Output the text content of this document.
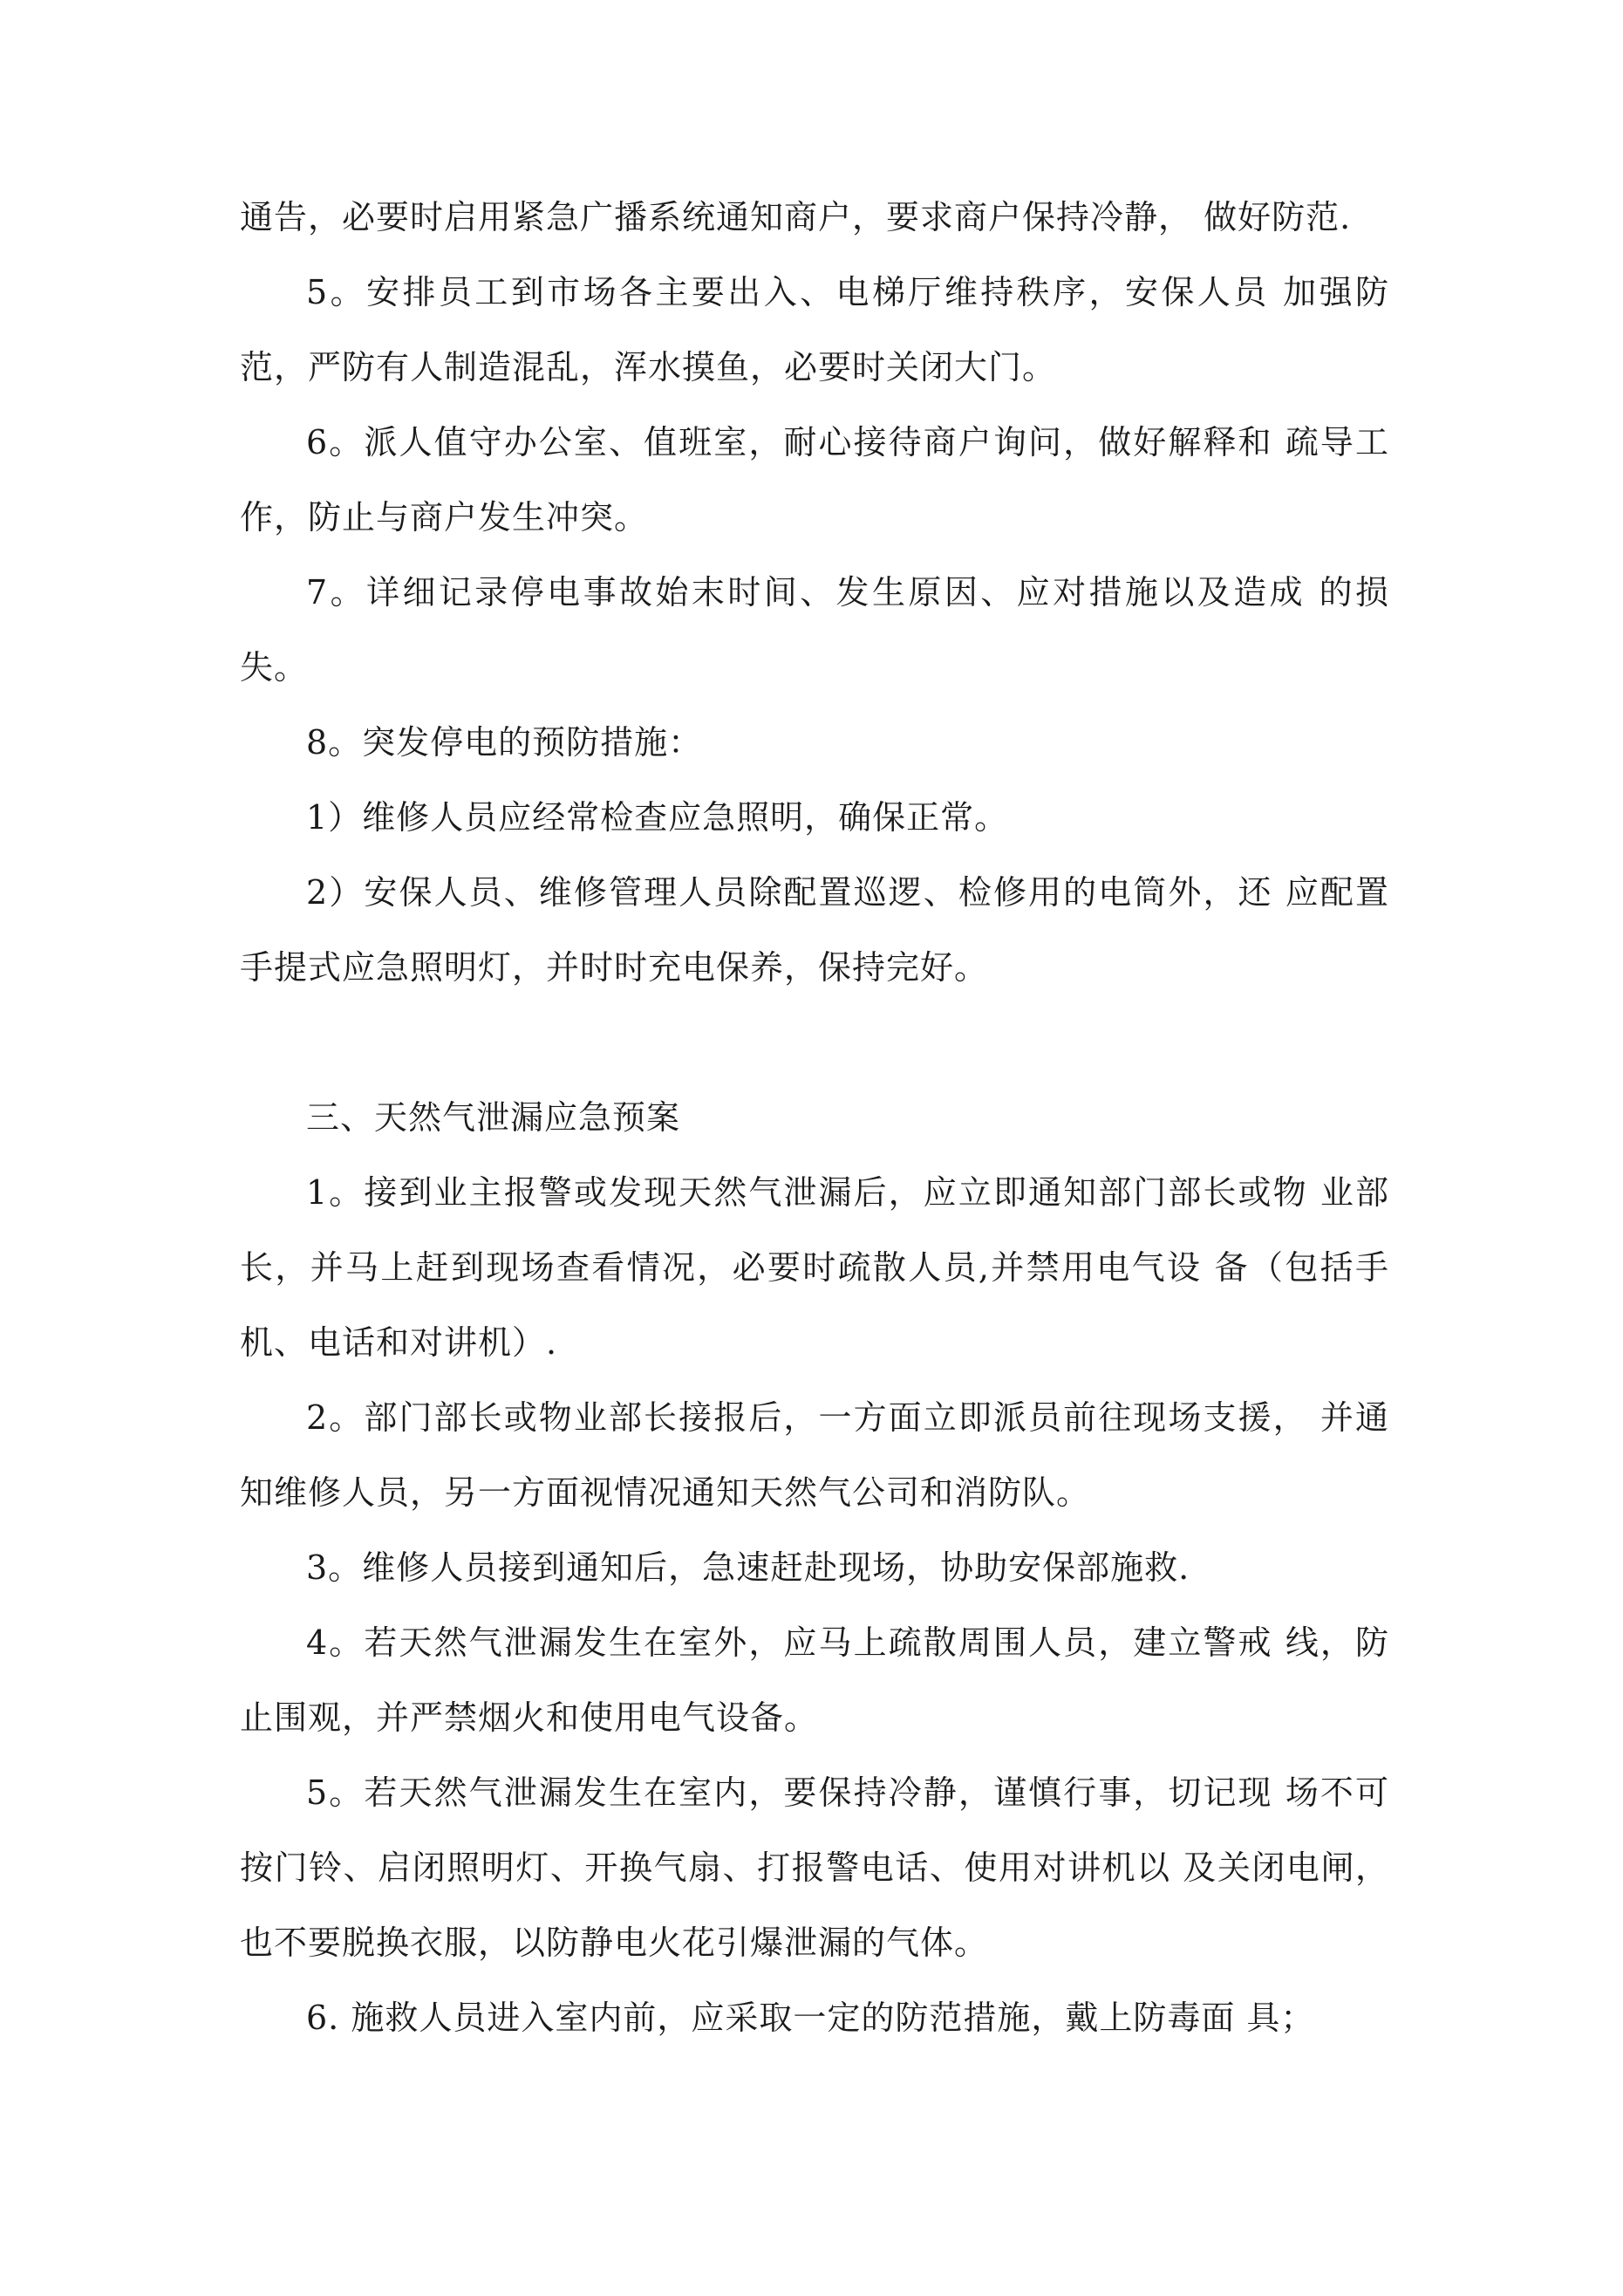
通告，必要时启用紧急广播系统通知商户，要求商户保持冷静， 做好防范.

5。安排员工到市场各主要出入、电梯厅维持秩序，安保人员 加强防范，严防有人制造混乱，浑水摸鱼，必要时关闭大门。

6。派人值守办公室、值班室，耐心接待商户询问，做好解释和 疏导工作，防止与商户发生冲突。

7。详细记录停电事故始末时间、发生原因、应对措施以及造成 的损失。

8。突发停电的预防措施：

1）维修人员应经常检查应急照明，确保正常。

2）安保人员、维修管理人员除配置巡逻、检修用的电筒外，还 应配置手提式应急照明灯，并时时充电保养，保持完好。

三、天然气泄漏应急预案

1。接到业主报警或发现天然气泄漏后，应立即通知部门部长或物 业部长，并马上赶到现场查看情况，必要时疏散人员,并禁用电气设 备（包括手机、电话和对讲机）.

2。部门部长或物业部长接报后，一方面立即派员前往现场支援， 并通知维修人员，另一方面视情况通知天然气公司和消防队。

3。维修人员接到通知后，急速赶赴现场，协助安保部施救.

4。若天然气泄漏发生在室外，应马上疏散周围人员，建立警戒 线，防止围观，并严禁烟火和使用电气设备。

5。若天然气泄漏发生在室内，要保持冷静，谨慎行事，切记现 场不可按门铃、启闭照明灯、开换气扇、打报警电话、使用对讲机以 及关闭电闸，也不要脱换衣服，以防静电火花引爆泄漏的气体。

6. 施救人员进入室内前，应采取一定的防范措施，戴上防毒面 具；
